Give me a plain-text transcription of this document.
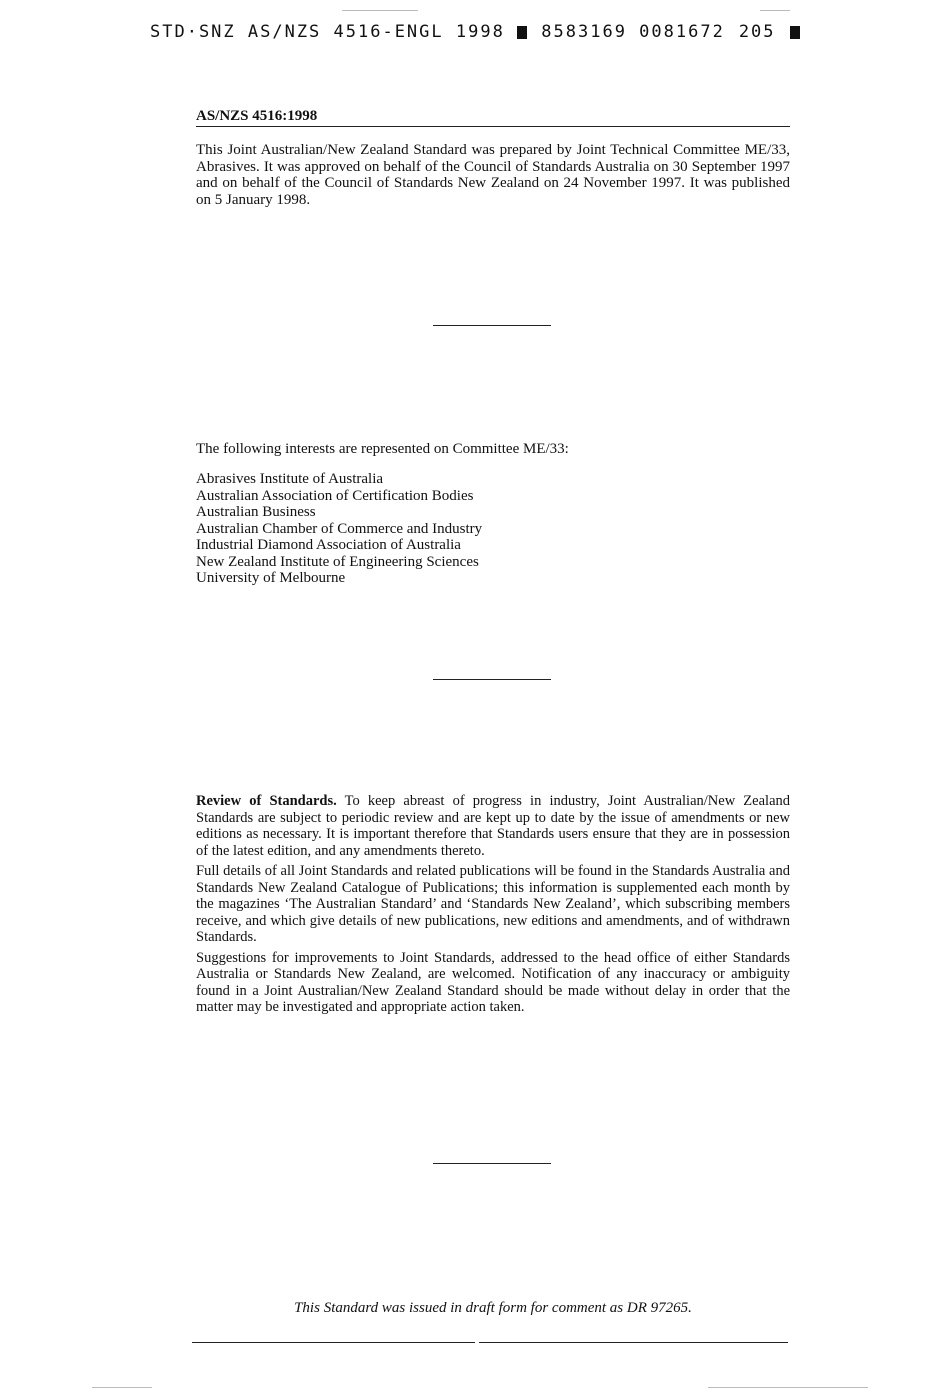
STD·SNZ AS/NZS 4516-ENGL 1998 8583169 0081672 205
AS/NZS 4516:1998

This Joint Australian/New Zealand Standard was prepared by Joint Technical Committee ME/33, Abrasives. It was approved on behalf of the Council of Standards Australia on 30 September 1997 and on behalf of the Council of Standards New Zealand on 24 November 1997. It was published on 5 January 1998.

The following interests are represented on Committee ME/33:

Abrasives Institute of Australia
Australian Association of Certification Bodies
Australian Business
Australian Chamber of Commerce and Industry
Industrial Diamond Association of Australia
New Zealand Institute of Engineering Sciences
University of Melbourne

Review of Standards. To keep abreast of progress in industry, Joint Australian/New Zealand Standards are subject to periodic review and are kept up to date by the issue of amendments or new editions as necessary. It is important therefore that Standards users ensure that they are in possession of the latest edition, and any amendments thereto.

Full details of all Joint Standards and related publications will be found in the Standards Australia and Standards New Zealand Catalogue of Publications; this information is supplemented each month by the magazines ‘The Australian Standard’ and ‘Standards New Zealand’, which subscribing members receive, and which give details of new publications, new editions and amendments, and of withdrawn Standards.

Suggestions for improvements to Joint Standards, addressed to the head office of either Standards Australia or Standards New Zealand, are welcomed. Notification of any inaccuracy or ambiguity found in a Joint Australian/New Zealand Standard should be made without delay in order that the matter may be investigated and appropriate action taken.

This Standard was issued in draft form for comment as DR 97265.
